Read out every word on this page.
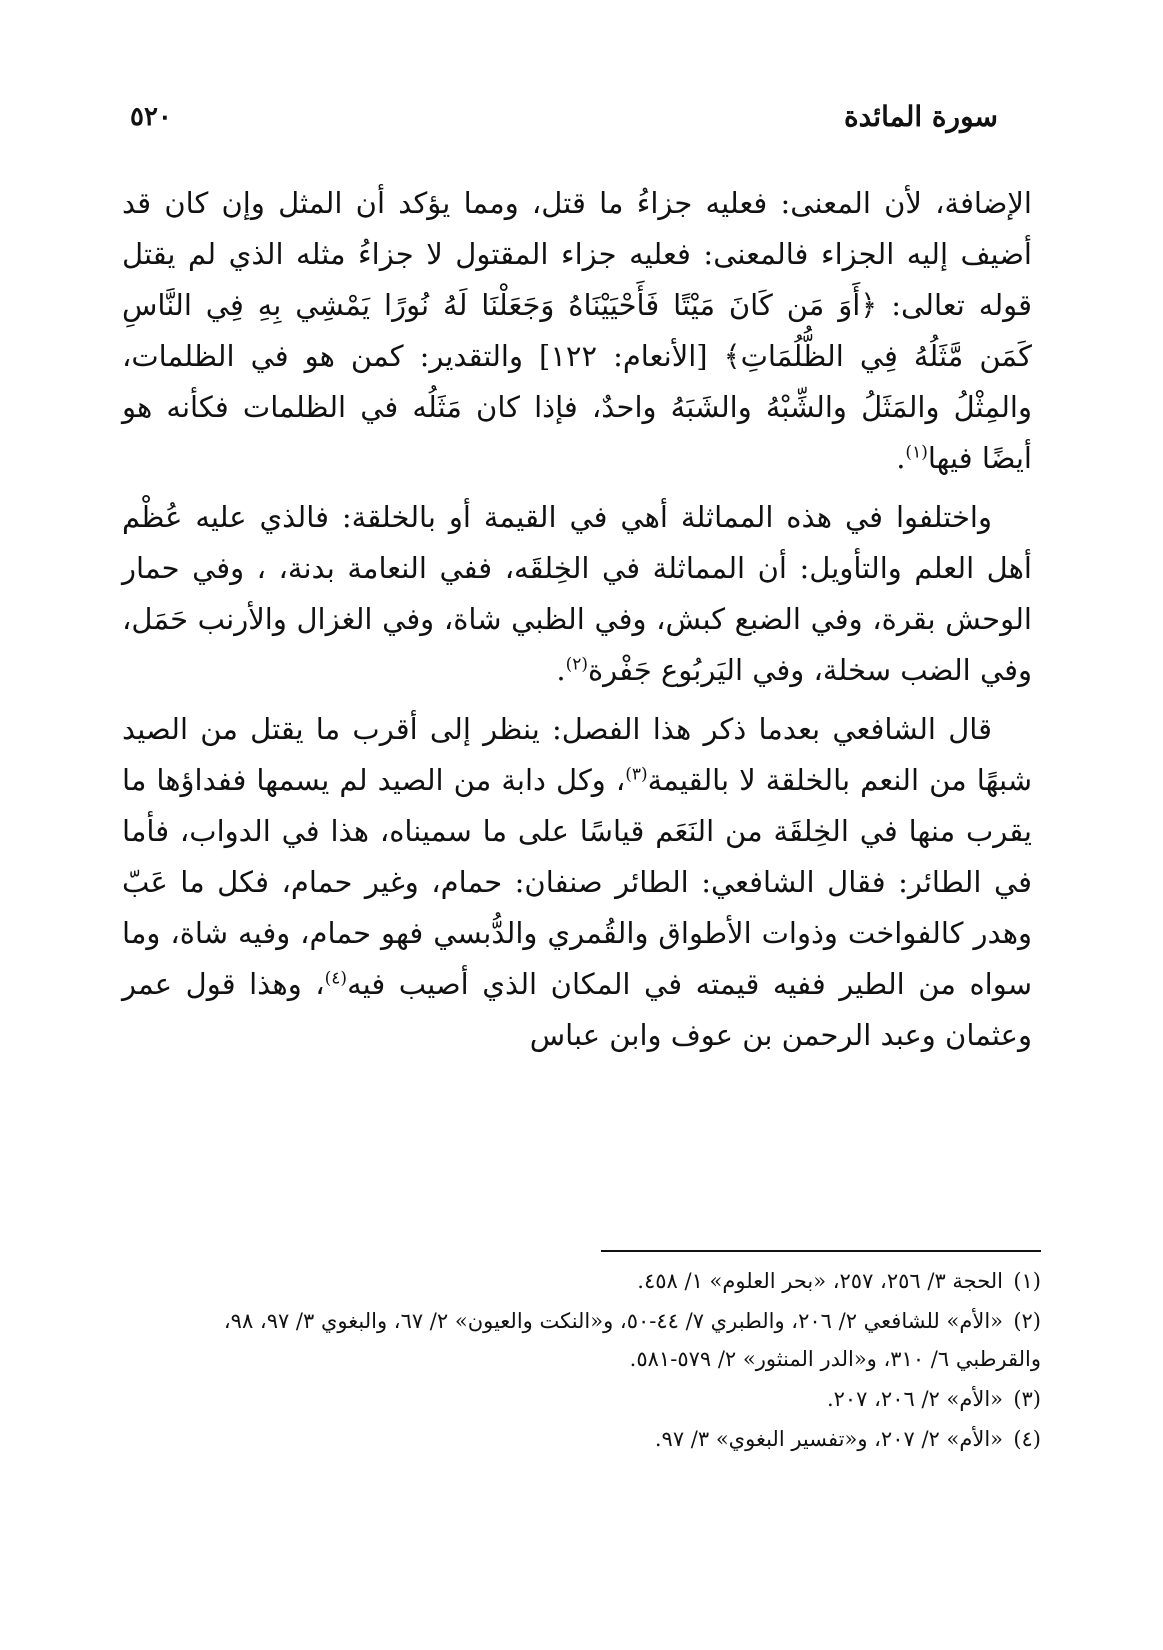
سورة المائدة
٥٢٠

الإضافة، لأن المعنى: فعليه جزاءُ ما قتل، ومما يؤكد أن المثل وإن كان قد أضيف إليه الجزاء فالمعنى: فعليه جزاء المقتول لا جزاءُ مثله الذي لم يقتل قوله تعالى: ﴿أَوَ مَن كَانَ مَيْتًا فَأَحْيَيْنَاهُ وَجَعَلْنَا لَهُ نُورًا يَمْشِي بِهِ فِي النَّاسِ كَمَن مَّثَلُهُ فِي الظُّلُمَاتِ﴾ [الأنعام: ١٢٢] والتقدير: كمن هو في الظلمات، والمِثْلُ والمَثَلُ والشِّبْهُ والشَبَهُ واحدٌ، فإذا كان مَثَلُه في الظلمات فكأنه هو أيضًا فيها$^{(١)}$.

واختلفوا في هذه المماثلة أهي في القيمة أو بالخلقة: فالذي عليه عُظْم أهل العلم والتأويل: أن المماثلة في الخِلقَه، ففي النعامة بدنة، ، وفي حمار الوحش بقرة، وفي الضبع كبش، وفي الظبي شاة، وفي الغزال والأرنب حَمَل، وفي الضب سخلة، وفي اليَربُوع جَفْرة$^{(٢)}$.

قال الشافعي بعدما ذكر هذا الفصل: ينظر إلى أقرب ما يقتل من الصيد شبهًا من النعم بالخلقة لا بالقيمة$^{(٣)}$، وكل دابة من الصيد لم يسمها ففداؤها ما يقرب منها في الخِلقَة من النَعَم قياسًا على ما سميناه، هذا في الدواب، فأما في الطائر: فقال الشافعي: الطائر صنفان: حمام، وغير حمام، فكل ما عَبّ وهدر كالفواخت وذوات الأطواق والقُمري والدُّبسي فهو حمام، وفيه شاة، وما سواه من الطير ففيه قيمته في المكان الذي أصيب فيه$^{(٤)}$، وهذا قول عمر وعثمان وعبد الرحمن بن عوف وابن عباس

(١)الحجة ٣/ ٢٥٦، ٢٥٧، «بحر العلوم» ١/ ٤٥٨.
(٢)«الأم» للشافعي ٢/ ٢٠٦، والطبري ٧/ ٤٤-٥٠، و«النكت والعيون» ٢/ ٦٧، والبغوي ٣/ ٩٧، ٩٨، والقرطبي ٦/ ٣١٠، و«الدر المنثور» ٢/ ٥٧٩-٥٨١.
(٣)«الأم» ٢/ ٢٠٦، ٢٠٧.
(٤)«الأم» ٢/ ٢٠٧، و«تفسير البغوي» ٣/ ٩٧.
